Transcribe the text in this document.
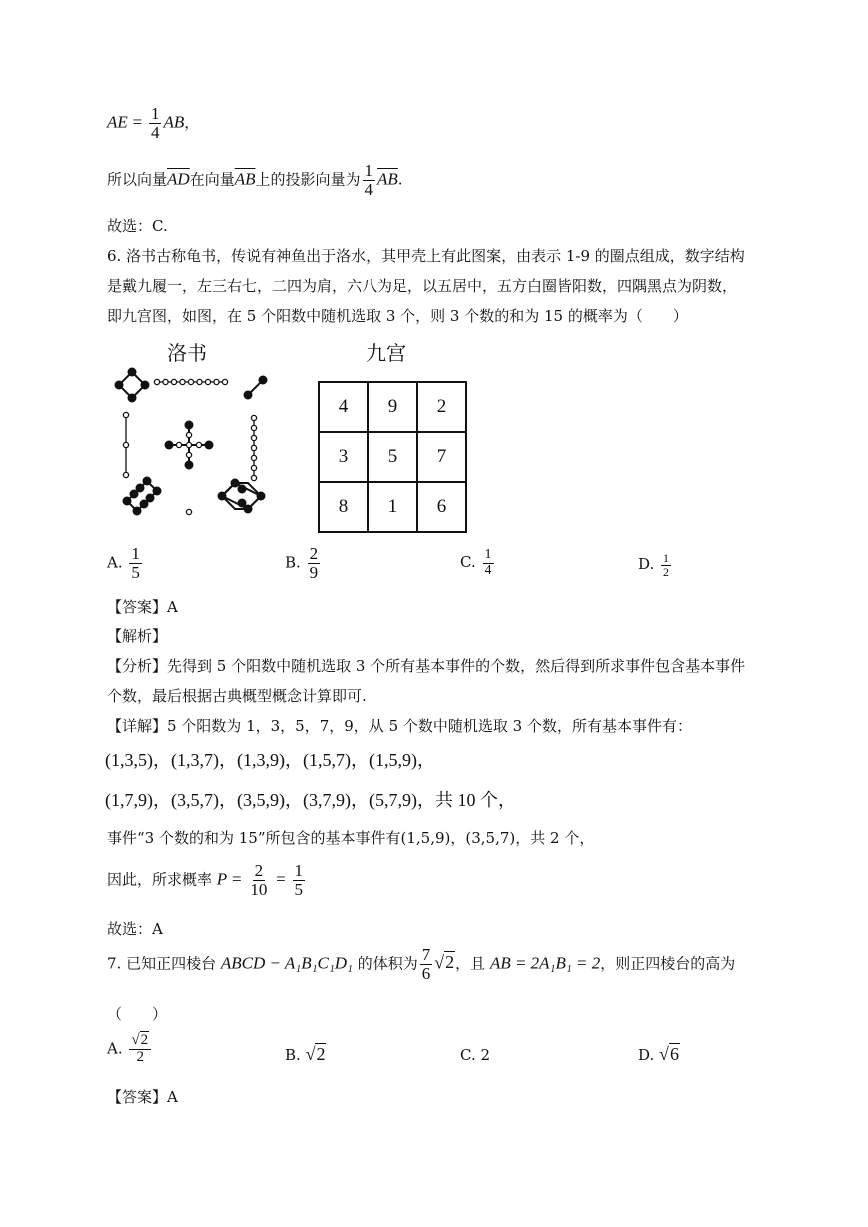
AE = $\frac{1}{4}$ AB，
所以向量$\overline{AD}$在向量$\overline{AB}$上的投影向量为 $\frac{1}{4} \overline{AB}$.
故选：C.
6. 洛书古称龟书，传说有神鱼出于洛水，其甲壳上有此图案，由表示 1-9 的圈点组成，数字结构
是戴九履一，左三右七，二四为肩，六八为足，以五居中，五方白圈皆阳数，四隅黑点为阴数，
即九宫图，如图，在 5 个阳数中随机选取 3 个，则 3 个数的和为 15 的概率为（　　）
洛书	九宫
4	9	2
3	5	7
8	1	6
A. $\frac{1}{5}$	B. $\frac{2}{9}$	C. $\frac{1}{4}$	D. $\frac{1}{2}$
【答案】A
【解析】
【分析】先得到 5 个阳数中随机选取 3 个所有基本事件的个数，然后得到所求事件包含基本事件
个数，最后根据古典概型概念计算即可.
【详解】5 个阳数为 1，3，5，7，9，从 5 个数中随机选取 3 个数，所有基本事件有：
(1,3,5)，(1,3,7)，(1,3,9)，(1,5,7)，(1,5,9)，
(1,7,9)，(3,5,7)，(3,5,9)，(3,7,9)，(5,7,9)，共 10 个，
事件“3 个数的和为 15”所包含的基本事件有(1,5,9)，(3,5,7)，共 2 个，
因此，所求概率 $P = \frac{2}{10} = \frac{1}{5}$
故选：A
7. 已知正四棱台 ABCD − A₁B₁C₁D₁ 的体积为 $\frac{7}{6} √2$，且 AB = 2A₁B₁ = 2，则正四棱台的高为
（　　）
A. $\frac{√2}{2}$	B. √2	C. 2	D. √6
【答案】A
